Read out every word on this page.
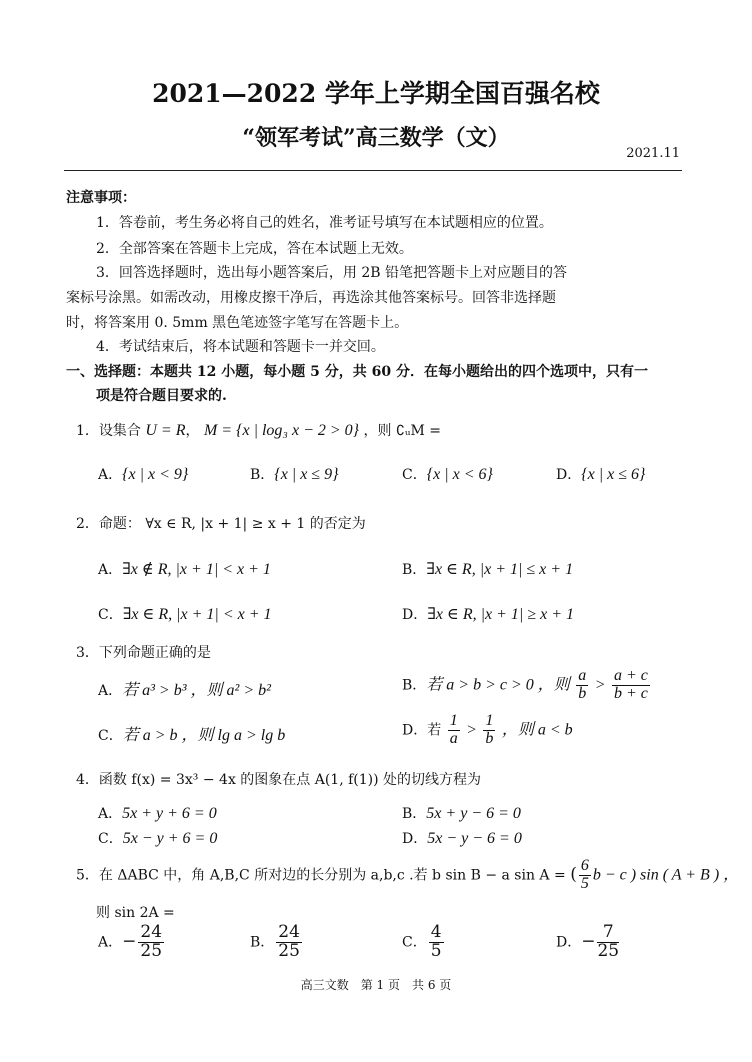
2021—2022 学年上学期全国百强名校
“领军考试”高三数学（文）
2021.11
注意事项：
1．答卷前，考生务必将自己的姓名，准考证号填写在本试题相应的位置。
2．全部答案在答题卡上完成，答在本试题上无效。
3．回答选择题时，选出每小题答案后，用 2B 铅笔把答题卡上对应题目的答
案标号涂黑。如需改动，用橡皮擦干净后，再选涂其他答案标号。回答非选择题
时，将答案用 0. 5mm 黑色笔迹签字笔写在答题卡上。
4．考试结束后，将本试题和答题卡一并交回。
一、选择题：本题共 12 小题，每小题 5 分，共 60 分．在每小题给出的四个选项中，只有一
项是符合题目要求的.
1．设集合 U = R， M = {x | log₃ x − 2 > 0} ，则 ∁ᵤM =
A．{x | x < 9}	B．{x | x ≤ 9}	C．{x | x < 6}	D．{x | x ≤ 6}
2．命题： ∀x ∈ R, |x + 1| ≥ x + 1 的否定为
A．∃x ∉ R, |x + 1| < x + 1	B．∃x ∈ R, |x + 1| ≤ x + 1
C．∃x ∈ R, |x + 1| < x + 1	D．∃x ∈ R, |x + 1| ≥ x + 1
3．下列命题正确的是
A．若 a³ > b³ ，则 a² > b²	B．若 a > b > c > 0 ，则 $\frac{a}{b} > \frac{a + c}{b + c}$
C．若 a > b ，则 lg a > lg b	D．若 $\frac{1}{a} > \frac{1}{b}$ ，则 a < b
4．函数 f(x) = 3x³ − 4x 的图象在点 A(1, f(1)) 处的切线方程为
A．5x + y + 6 = 0	B．5x + y − 6 = 0
C．5x − y + 6 = 0	D．5x − y − 6 = 0
5．在 ΔABC 中，角 A,B,C 所对边的长分别为 a,b,c .若 b sin B − a sin A = ( $\frac{6}{5}$ b − c ) sin ( A + B ) ，
则 sin 2A =
A．− $\frac{24}{25}$	B． $\frac{24}{25}$	C． $\frac{4}{5}$	D．− $\frac{7}{25}$
高三文数　第 1 页　共 6 页
